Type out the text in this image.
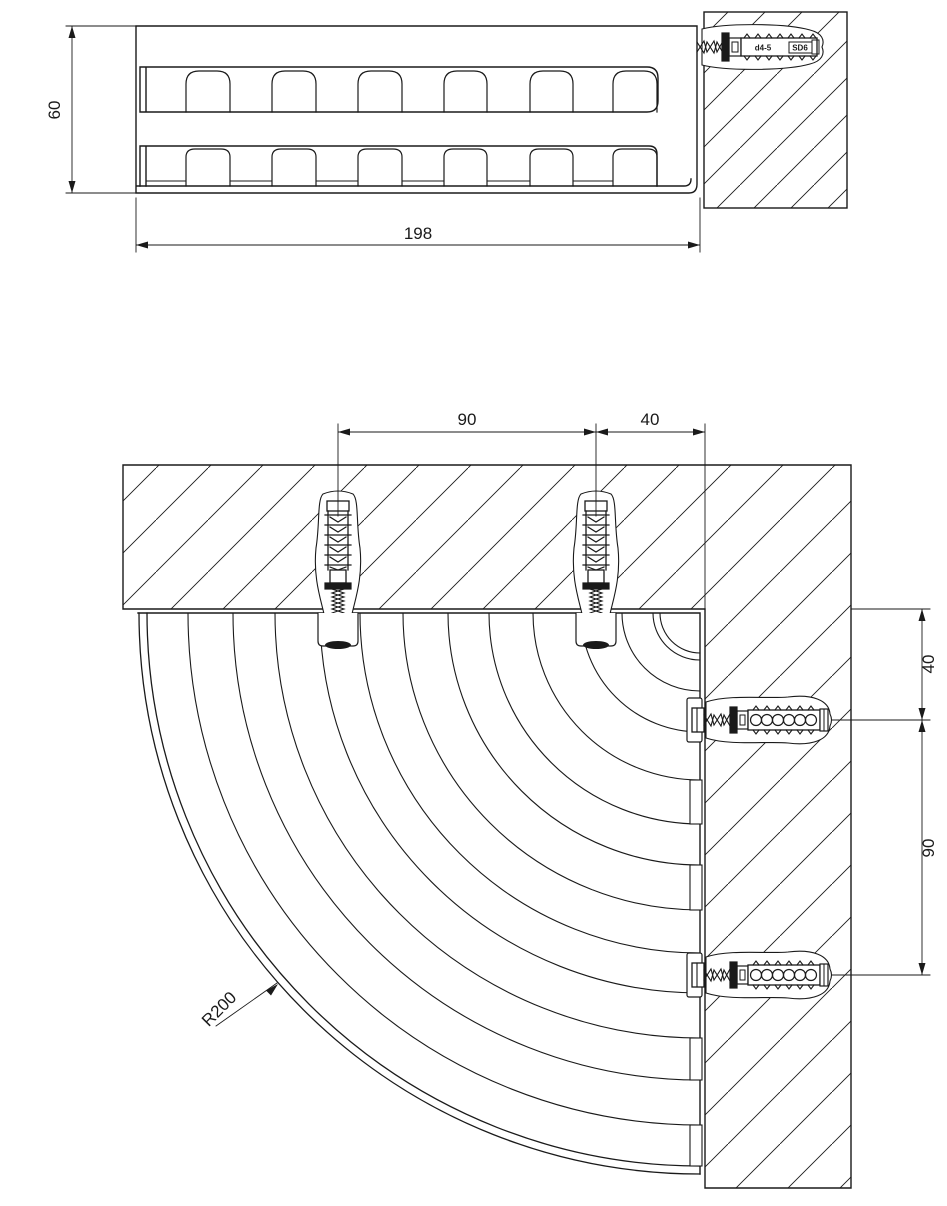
d4-5	SD6
60
198
90	40
40
90
R200
